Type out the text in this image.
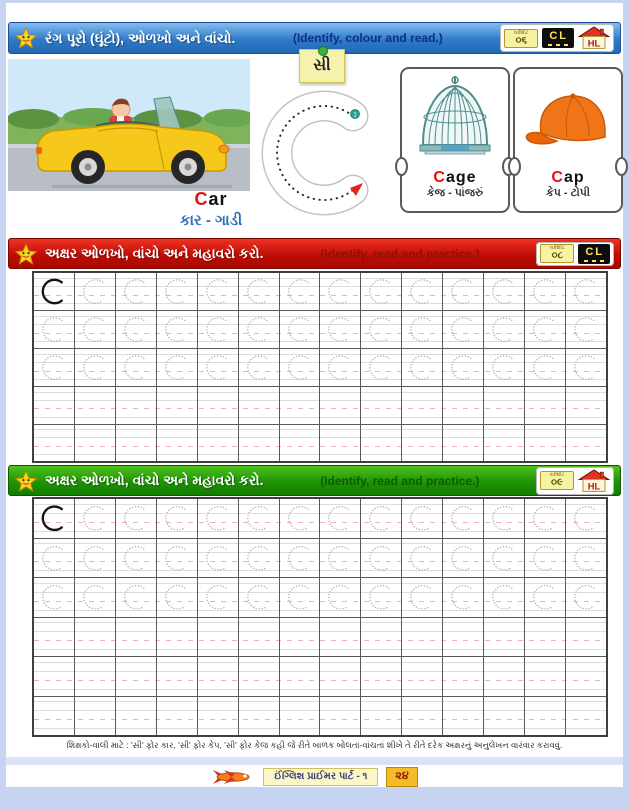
રંગ પૂરો (ઘૂંટો), ઓળખો અને વાંચો.	(Identify, colour and read.)	વર્કશીટ
૦૬	CL
HL
સી
Car
કાર - ગાડી
1
Cage
કેજ - પાંજરું
Cap
કેપ - ટોપી
અક્ષર ઓળખો, વાંચો અને મહાવરો કરો.	(Identify, read and practice.)	વર્કશીટ
૦૮	CL
અક્ષર ઓળખો, વાંચો અને મહાવરો કરો.	(Identify, read and practice.)	વર્કશીટ
૦૯	HL
શિક્ષકો-વાલી માટે : 'સી' ફોર કાર, 'સી' ફોર કેપ, 'સી' ફોર કેજ કહી જે રીતે બાળક બોલતાં-વાંચતાં શીખે તે રીતે દરેક અક્ષરનું અનુલેખન વારંવાર કરાવવું.
ઈંગ્લિશ પ્રાઈમર પાર્ટ - ૧	૨૪
